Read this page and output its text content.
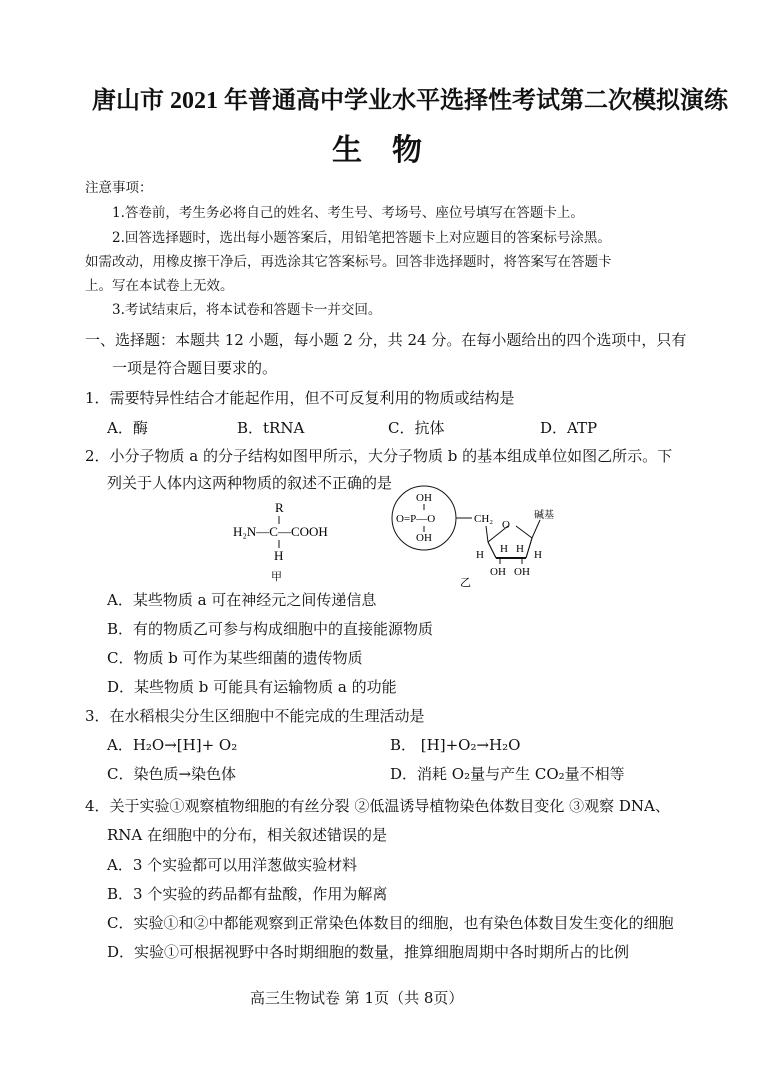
唐山市 2021 年普通高中学业水平选择性考试第二次模拟演练
生物
注意事项：
1.答卷前，考生务必将自己的姓名、考生号、考场号、座位号填写在答题卡上。
2.回答选择题时，选出每小题答案后，用铅笔把答题卡上对应题目的答案标号涂黑。
如需改动，用橡皮擦干净后，再选涂其它答案标号。回答非选择题时，将答案写在答题卡
上。写在本试卷上无效。
3.考试结束后，将本试卷和答题卡一并交回。
一、选择题：本题共 12 小题，每小题 2 分，共 24 分。在每小题给出的四个选项中，只有
一项是符合题目要求的。
1．需要特异性结合才能起作用，但不可反复利用的物质或结构是
A．酶	B．tRNA	C．抗体	D．ATP
2．小分子物质 a 的分子结构如图甲所示，大分子物质 b 的基本组成单位如图乙所示。下
列关于人体内这两种物质的叙述不正确的是
R
H₂N—C—COOH
H
甲
OH
O=P—O
OH
CH₂ O
碱基
H	H
H H
OH OH
乙
A．某些物质 a 可在神经元之间传递信息
B．有的物质乙可参与构成细胞中的直接能源物质
C．物质 b 可作为某些细菌的遗传物质
D．某些物质 b 可能具有运输物质 a 的功能
3．在水稻根尖分生区细胞中不能完成的生理活动是
A．H₂O→[H]+ O₂	B． [H]+O₂→H₂O
C．染色质→染色体	D．消耗 O₂量与产生 CO₂量不相等
4．关于实验①观察植物细胞的有丝分裂 ②低温诱导植物染色体数目变化 ③观察 DNA、
RNA 在细胞中的分布，相关叙述错误的是
A．3 个实验都可以用洋葱做实验材料
B．3 个实验的药品都有盐酸，作用为解离
C．实验①和②中都能观察到正常染色体数目的细胞，也有染色体数目发生变化的细胞
D．实验①可根据视野中各时期细胞的数量，推算细胞周期中各时期所占的比例
高三生物试卷 第 1页（共 8页）
